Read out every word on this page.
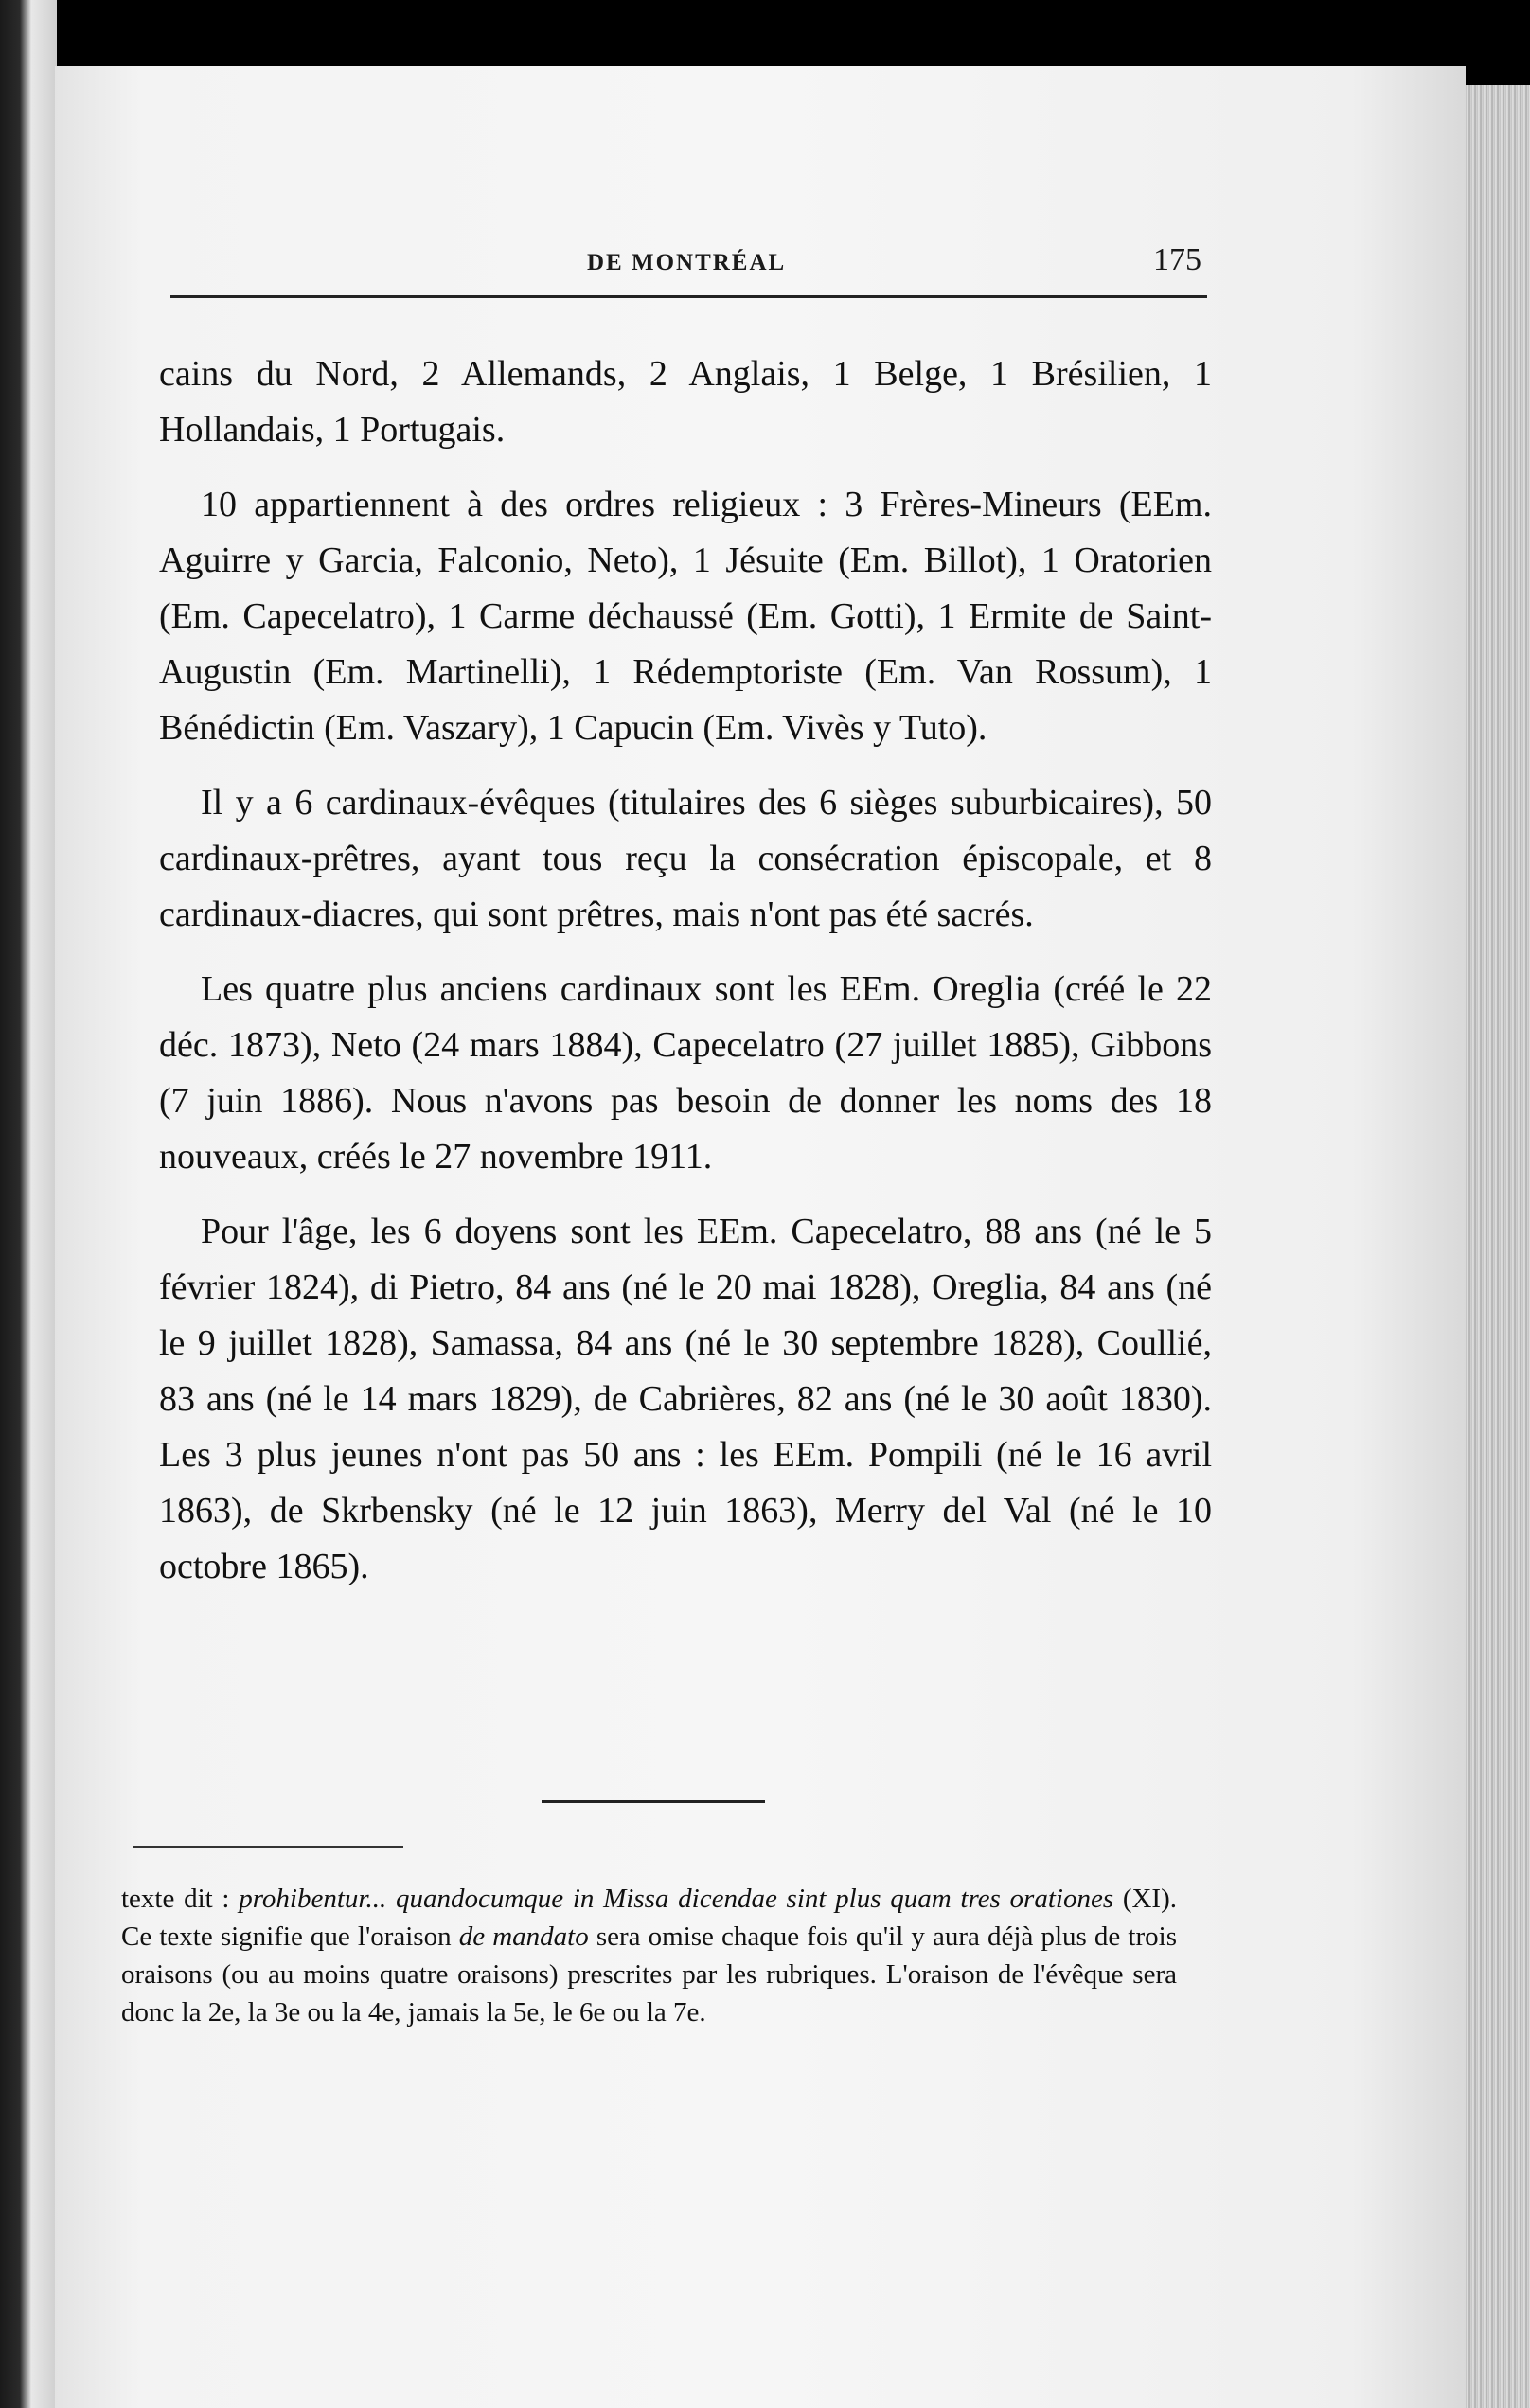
DE MONTRÉAL	175

cains du Nord, 2 Allemands, 2 Anglais, 1 Belge, 1 Brésilien, 1 Hollandais, 1 Portugais.

10 appartiennent à des ordres religieux : 3 Frères-Mineurs (EEm. Aguirre y Garcia, Falconio, Neto), 1 Jésuite (Em. Billot), 1 Oratorien (Em. Capecelatro), 1 Carme déchaussé (Em. Gotti), 1 Ermite de Saint-Augustin (Em. Martinelli), 1 Rédemptoriste (Em. Van Rossum), 1 Bénédictin (Em. Vaszary), 1 Capucin (Em. Vivès y Tuto).

Il y a 6 cardinaux-évêques (titulaires des 6 sièges suburbicaires), 50 cardinaux-prêtres, ayant tous reçu la consécration épiscopale, et 8 cardinaux-diacres, qui sont prêtres, mais n'ont pas été sacrés.

Les quatre plus anciens cardinaux sont les EEm. Oreglia (créé le 22 déc. 1873), Neto (24 mars 1884), Capecelatro (27 juillet 1885), Gibbons (7 juin 1886). Nous n'avons pas besoin de donner les noms des 18 nouveaux, créés le 27 novembre 1911.

Pour l'âge, les 6 doyens sont les EEm. Capecelatro, 88 ans (né le 5 février 1824), di Pietro, 84 ans (né le 20 mai 1828), Oreglia, 84 ans (né le 9 juillet 1828), Samassa, 84 ans (né le 30 septembre 1828), Coullié, 83 ans (né le 14 mars 1829), de Cabrières, 82 ans (né le 30 août 1830). Les 3 plus jeunes n'ont pas 50 ans : les EEm. Pompili (né le 16 avril 1863), de Skrbensky (né le 12 juin 1863), Merry del Val (né le 10 octobre 1865).

texte dit : prohibentur... quandocumque in Missa dicendae sint plus quam tres orationes (XI). Ce texte signifie que l'oraison de mandato sera omise chaque fois qu'il y aura déjà plus de trois oraisons (ou au moins quatre oraisons) prescrites par les rubriques. L'oraison de l'évêque sera donc la 2e, la 3e ou la 4e, jamais la 5e, le 6e ou la 7e.
